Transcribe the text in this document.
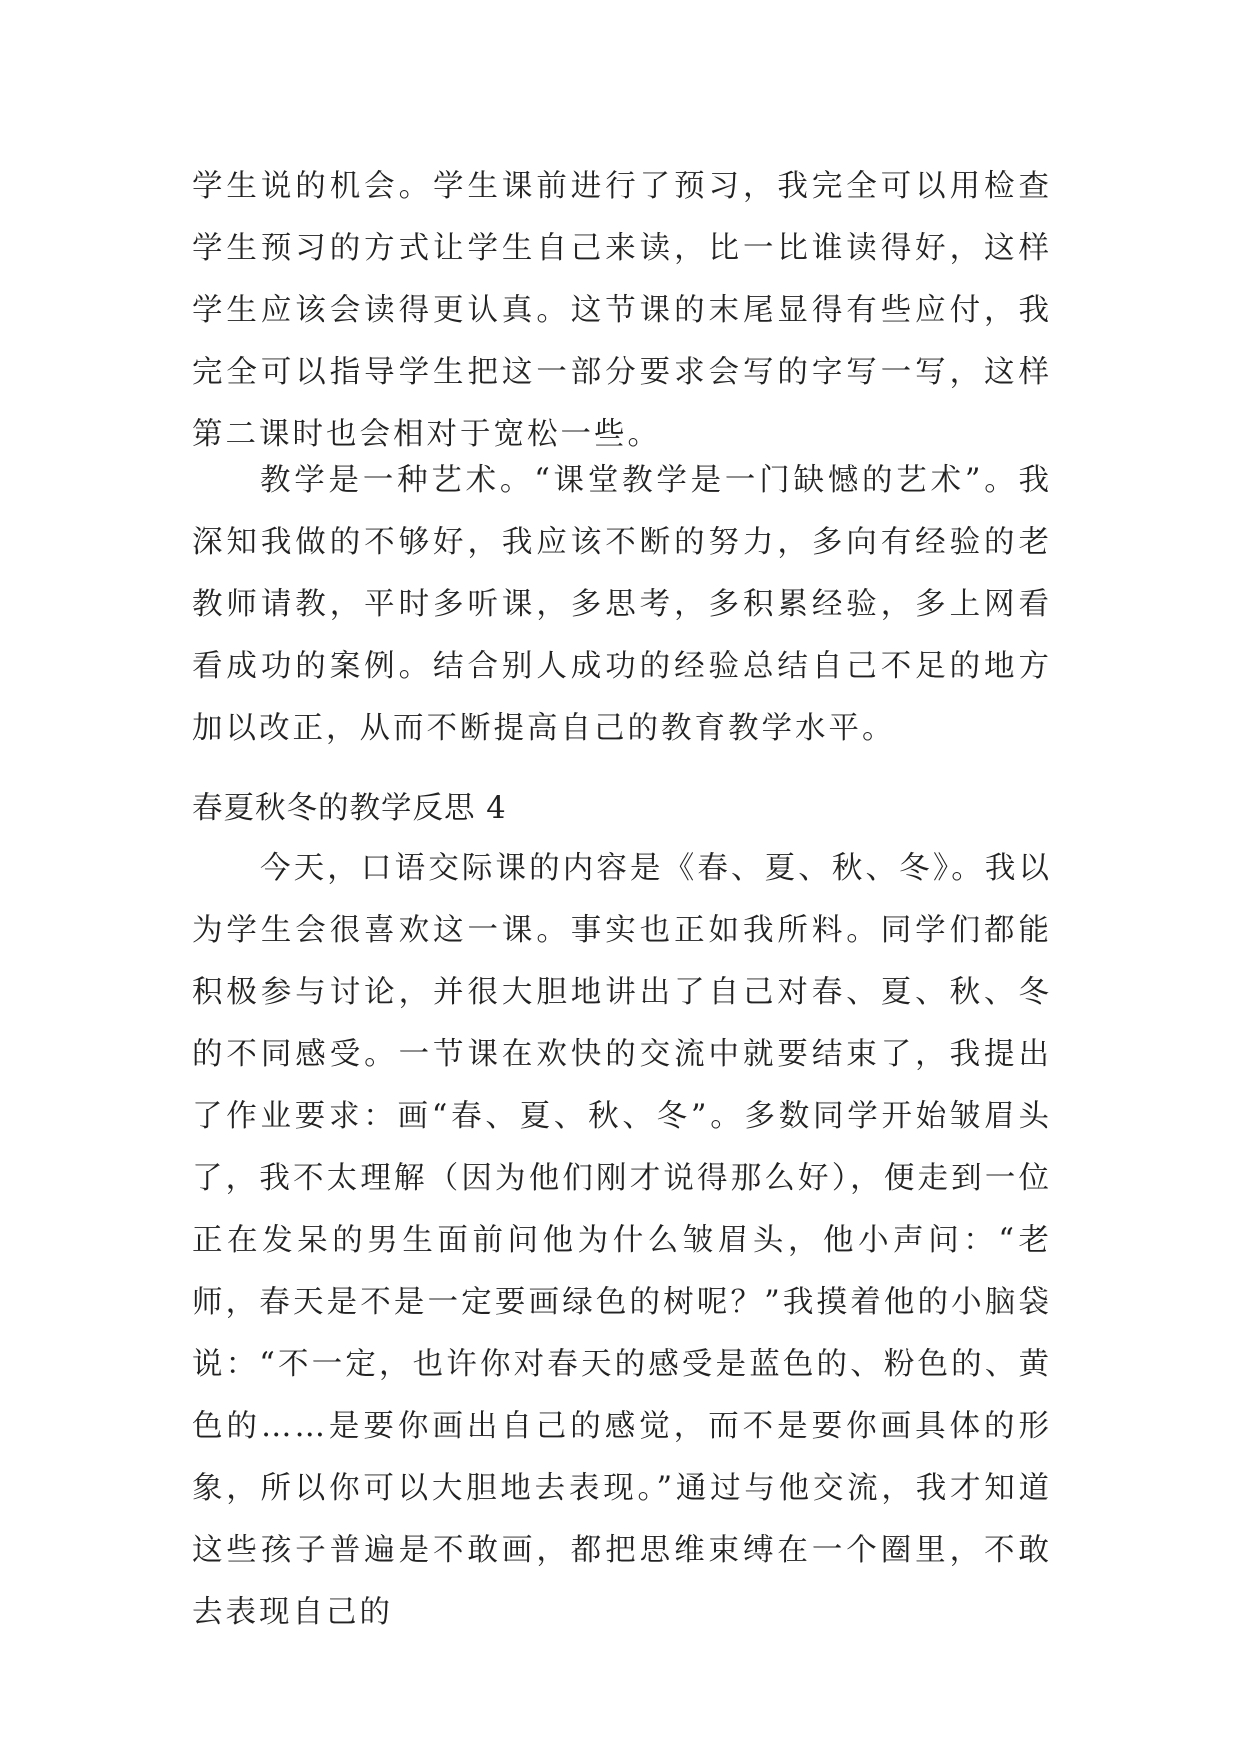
学生说的机会。学生课前进行了预习，我完全可以用检查学生预习的方式让学生自己来读，比一比谁读得好，这样学生应该会读得更认真。这节课的末尾显得有些应付，我完全可以指导学生把这一部分要求会写的字写一写，这样第二课时也会相对于宽松一些。

教学是一种艺术。“课堂教学是一门缺憾的艺术”。我深知我做的不够好，我应该不断的努力，多向有经验的老教师请教，平时多听课，多思考，多积累经验，多上网看看成功的案例。结合别人成功的经验总结自己不足的地方加以改正，从而不断提高自己的教育教学水平。

春夏秋冬的教学反思 4

今天，口语交际课的内容是《春、夏、秋、冬》。我以为学生会很喜欢这一课。事实也正如我所料。同学们都能积极参与讨论，并很大胆地讲出了自己对春、夏、秋、冬的不同感受。一节课在欢快的交流中就要结束了，我提出了作业要求：画“春、夏、秋、冬”。多数同学开始皱眉头了，我不太理解（因为他们刚才说得那么好），便走到一位正在发呆的男生面前问他为什么皱眉头，他小声问：“老师，春天是不是一定要画绿色的树呢？”我摸着他的小脑袋说：“不一定，也许你对春天的感受是蓝色的、粉色的、黄色的……是要你画出自己的感觉，而不是要你画具体的形象，所以你可以大胆地去表现。”通过与他交流，我才知道这些孩子普遍是不敢画，都把思维束缚在一个圈里，不敢去表现自己的
